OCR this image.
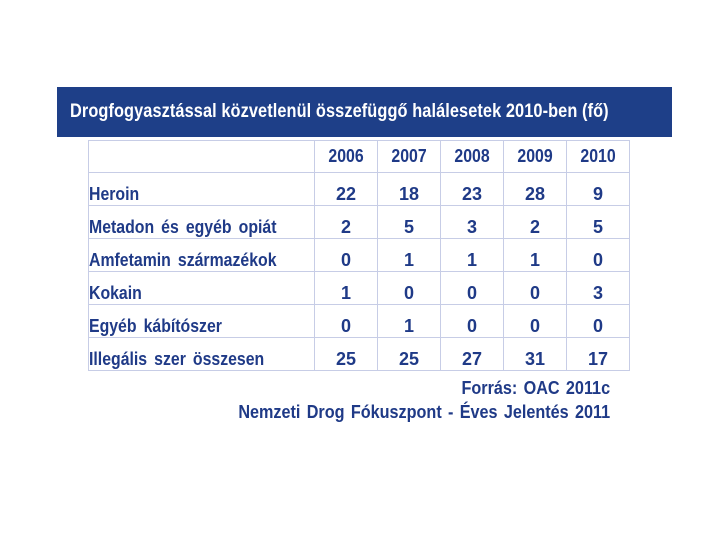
Drogfogyasztással közvetlenül összefüggő halálesetek 2010-ben (fő)
	2006	2007	2008	2009	2010
Heroin	22	18	23	28	9
Metadon és egyéb opiát	2	5	3	2	5
Amfetamin származékok	0	1	1	1	0
Kokain	1	0	0	0	3
Egyéb kábítószer	0	1	0	0	0
Illegális szer összesen	25	25	27	31	17
Forrás: OAC 2011c
Nemzeti Drog Fókuszpont - Éves Jelentés 2011
